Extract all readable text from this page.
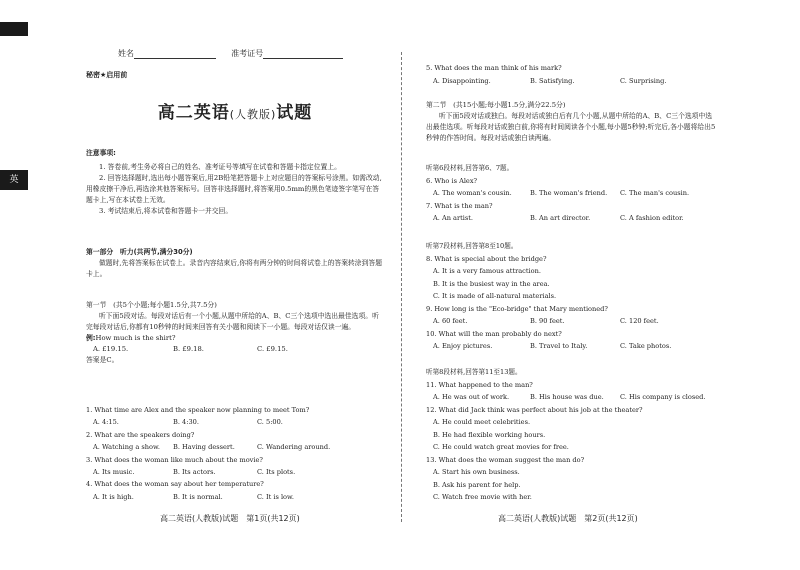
英
姓名	准考证号
秘密★启用前
高二英语(人教版)试题
注意事项:
1. 答卷前,考生务必将自己的姓名、准考证号等填写在试卷和答题卡指定位置上。
2. 回答选择题时,选出每小题答案后,用2B铅笔把答题卡上对应题目的答案标号涂黑。如需改动,用橡皮擦干净后,再选涂其他答案标号。回答非选择题时,将答案用0.5mm的黑色笔迹签字笔写在答题卡上,写在本试卷上无效。
3. 考试结束后,将本试卷和答题卡一并交回。
第一部分　听力(共两节,满分30分)
做题时,先将答案标在试卷上。录音内容结束后,你将有两分钟的时间将试卷上的答案转涂到答题卡上。
第一节　(共5个小题;每小题1.5分,共7.5分)
听下面5段对话。每段对话后有一个小题,从题中所给的A、B、C三个选项中选出最佳选项。听完每段对话后,你都有10秒钟的时间来回答有关小题和阅读下一小题。每段对话仅读一遍。
例:How much is the shirt?
A. £19.15.	B. £9.18.	C. £9.15.
答案是C。
1. What time are Alex and the speaker now planning to meet Tom?
A. 4:15.	B. 4:30.	C. 5:00.
2. What are the speakers doing?
A. Watching a show.	B. Having dessert.	C. Wandering around.
3. What does the woman like much about the movie?
A. Its music.	B. Its actors.	C. Its plots.
4. What does the woman say about her temperature?
A. It is high.	B. It is normal.	C. It is low.
5. What does the man think of his mark?
A. Disappointing.	B. Satisfying.	C. Surprising.
第二节　(共15小题;每小题1.5分,满分22.5分)
听下面5段对话或独白。每段对话或独白后有几个小题,从题中所给的A、B、C三个选项中选出最佳选项。听每段对话或独白前,你将有时间阅读各个小题,每小题5秒钟;听完后,各小题将给出5秒钟的作答时间。每段对话或独白读两遍。
听第6段材料,回答第6、7题。
6. Who is Alex?
A. The woman's cousin.	B. The woman's friend.	C. The man's cousin.
7. What is the man?
A. An artist.	B. An art director.	C. A fashion editor.
听第7段材料,回答第8至10题。
8. What is special about the bridge?
A. It is a very famous attraction.
B. It is the busiest way in the area.
C. It is made of all-natural materials.
9. How long is the "Eco-bridge" that Mary mentioned?
A. 60 feet.	B. 90 feet.	C. 120 feet.
10. What will the man probably do next?
A. Enjoy pictures.	B. Travel to Italy.	C. Take photos.
听第8段材料,回答第11至13题。
11. What happened to the man?
A. He was out of work.	B. His house was due.	C. His company is closed.
12. What did Jack think was perfect about his job at the theater?
A. He could meet celebrities.
B. He had flexible working hours.
C. He could watch great movies for free.
13. What does the woman suggest the man do?
A. Start his own business.
B. Ask his parent for help.
C. Watch free movie with her.
高二英语(人教版)试题　第1页(共12页)	高二英语(人教版)试题　第2页(共12页)
